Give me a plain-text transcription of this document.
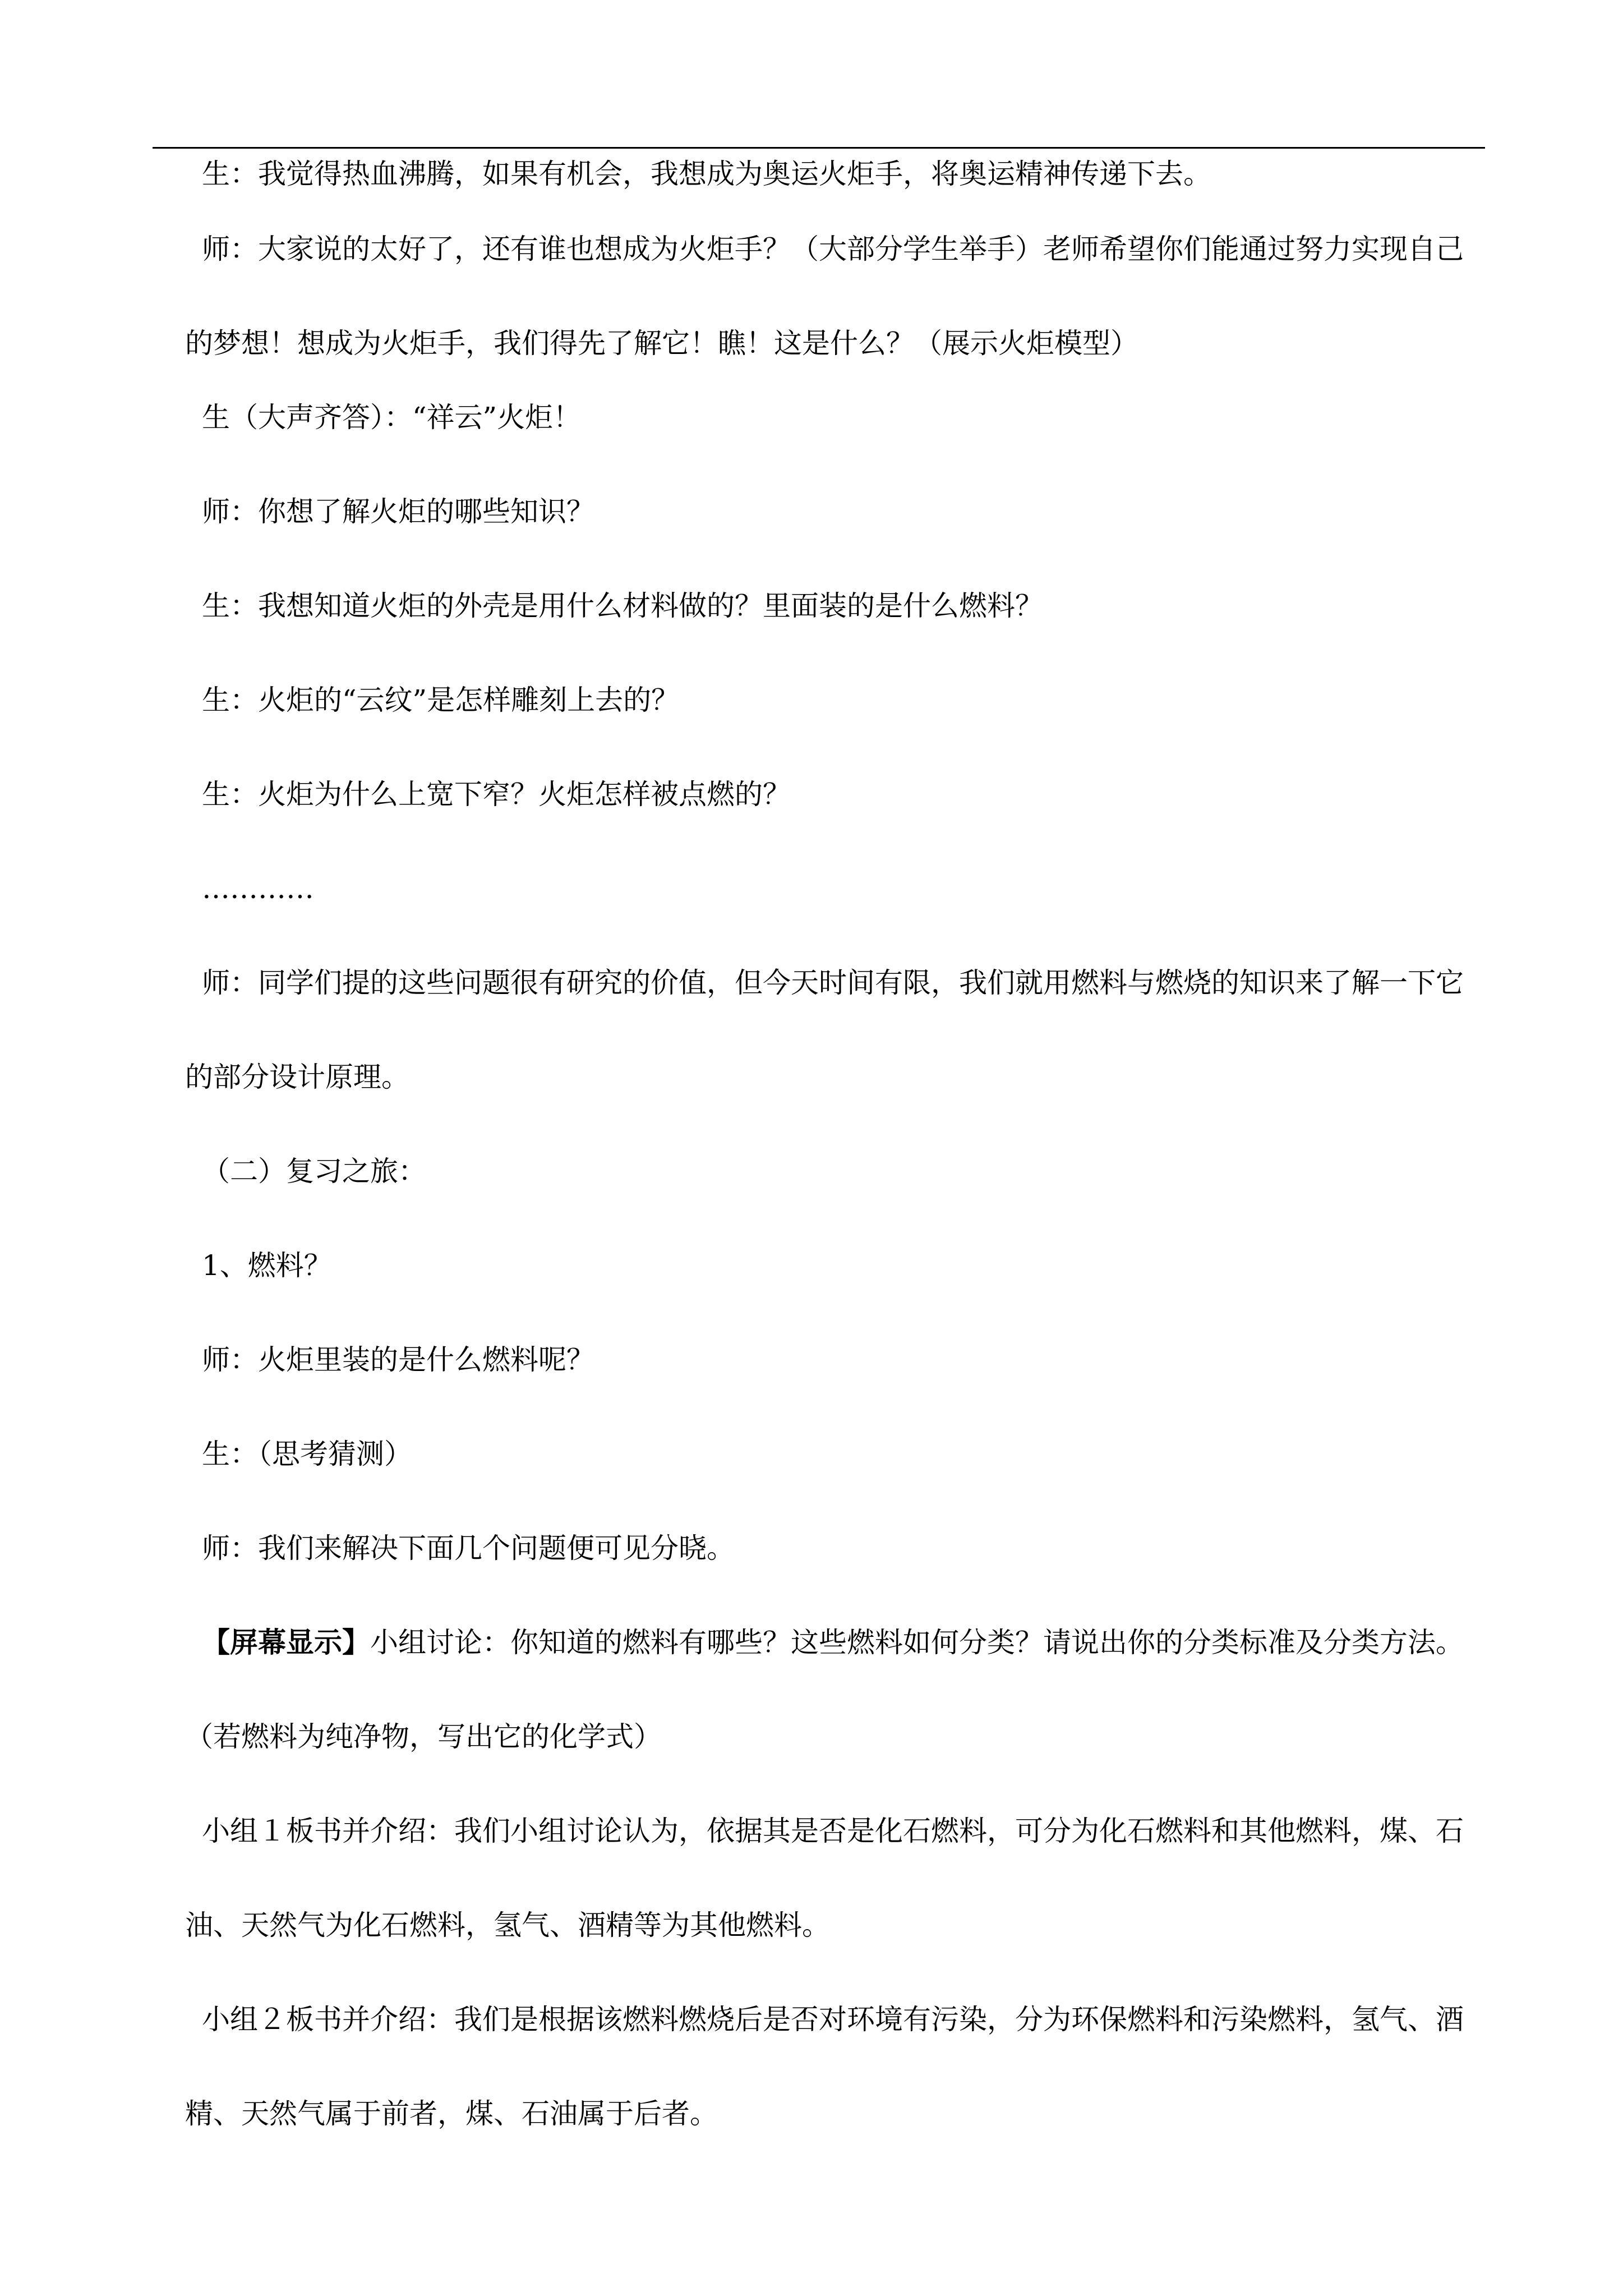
生：我觉得热血沸腾，如果有机会，我想成为奥运火炬手，将奥运精神传递下去。

师：大家说的太好了，还有谁也想成为火炬手？（大部分学生举手）老师希望你们能通过努力实现自己的梦想！想成为火炬手，我们得先了解它！瞧！这是什么？（展示火炬模型）

生（大声齐答）：“祥云”火炬！

师：你想了解火炬的哪些知识？

生：我想知道火炬的外壳是用什么材料做的？里面装的是什么燃料？

生：火炬的“云纹”是怎样雕刻上去的？

生：火炬为什么上宽下窄？火炬怎样被点燃的？

…………

师：同学们提的这些问题很有研究的价值，但今天时间有限，我们就用燃料与燃烧的知识来了解一下它的部分设计原理。

（二）复习之旅：

1、燃料？

师：火炬里装的是什么燃料呢？

生：（思考猜测）

师：我们来解决下面几个问题便可见分晓。

【屏幕显示】小组讨论：你知道的燃料有哪些？这些燃料如何分类？请说出你的分类标准及分类方法。（若燃料为纯净物，写出它的化学式）

小组１板书并介绍：我们小组讨论认为，依据其是否是化石燃料，可分为化石燃料和其他燃料，煤、石油、天然气为化石燃料，氢气、酒精等为其他燃料。

小组２板书并介绍：我们是根据该燃料燃烧后是否对环境有污染，分为环保燃料和污染燃料，氢气、酒精、天然气属于前者，煤、石油属于后者。
